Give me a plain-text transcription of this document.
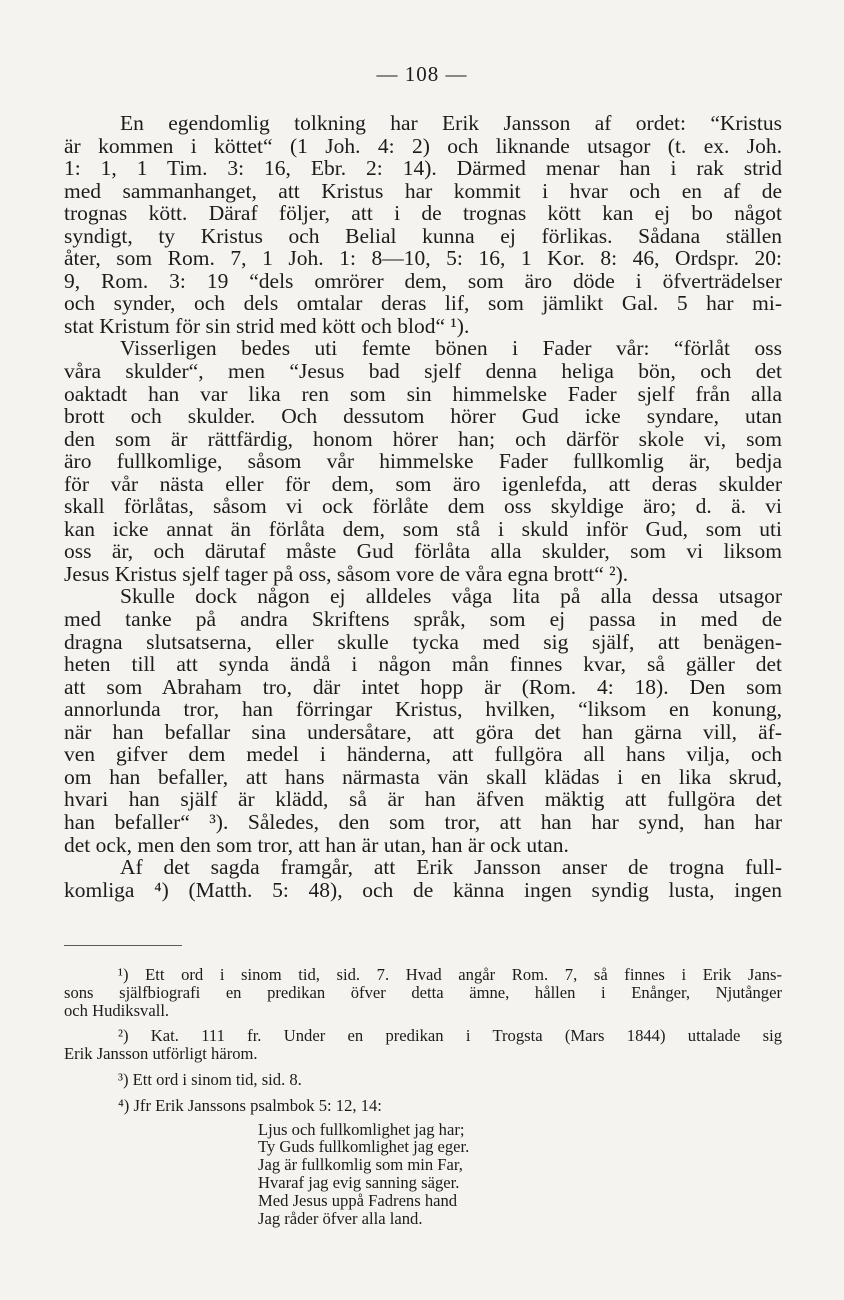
— 108 —
En egendomlig tolkning har Erik Jansson af ordet: “Kristus
är kommen i köttet“ (1 Joh. 4: 2) och liknande utsagor (t. ex. Joh.
1: 1, 1 Tim. 3: 16, Ebr. 2: 14). Därmed menar han i rak strid
med sammanhanget, att Kristus har kommit i hvar och en af de
trognas kött. Däraf följer, att i de trognas kött kan ej bo något
syndigt, ty Kristus och Belial kunna ej förlikas. Sådana ställen
åter, som Rom. 7, 1 Joh. 1: 8—10, 5: 16, 1 Kor. 8: 46, Ordspr. 20:
9, Rom. 3: 19 “dels omrörer dem, som äro döde i öfverträdelser
och synder, och dels omtalar deras lif, som jämlikt Gal. 5 har mi-
stat Kristum för sin strid med kött och blod“ ¹).
Visserligen bedes uti femte bönen i Fader vår: “förlåt oss
våra skulder“, men “Jesus bad sjelf denna heliga bön, och det
oaktadt han var lika ren som sin himmelske Fader sjelf från alla
brott och skulder. Och dessutom hörer Gud icke syndare, utan
den som är rättfärdig, honom hörer han; och därför skole vi, som
äro fullkomlige, såsom vår himmelske Fader fullkomlig är, bedja
för vår nästa eller för dem, som äro igenlefda, att deras skulder
skall förlåtas, såsom vi ock förlåte dem oss skyldige äro; d. ä. vi
kan icke annat än förlåta dem, som stå i skuld inför Gud, som uti
oss är, och därutaf måste Gud förlåta alla skulder, som vi liksom
Jesus Kristus sjelf tager på oss, såsom vore de våra egna brott“ ²).
Skulle dock någon ej alldeles våga lita på alla dessa utsagor
med tanke på andra Skriftens språk, som ej passa in med de
dragna slutsatserna, eller skulle tycka med sig själf, att benägen-
heten till att synda ändå i någon mån finnes kvar, så gäller det
att som Abraham tro, där intet hopp är (Rom. 4: 18). Den som
annorlunda tror, han förringar Kristus, hvilken, “liksom en konung,
när han befallar sina undersåtare, att göra det han gärna vill, äf-
ven gifver dem medel i händerna, att fullgöra all hans vilja, och
om han befaller, att hans närmasta vän skall klädas i en lika skrud,
hvari han själf är klädd, så är han äfven mäktig att fullgöra det
han befaller“ ³). Således, den som tror, att han har synd, han har
det ock, men den som tror, att han är utan, han är ock utan.
Af det sagda framgår, att Erik Jansson anser de trogna full-
komliga ⁴) (Matth. 5: 48), och de känna ingen syndig lusta, ingen
¹) Ett ord i sinom tid, sid. 7. Hvad angår Rom. 7, så finnes i Erik Jans-
sons själfbiografi en predikan öfver detta ämne, hållen i Enånger, Njutånger
och Hudiksvall.
²) Kat. 111 fr. Under en predikan i Trogsta (Mars 1844) uttalade sig
Erik Jansson utförligt härom.
³) Ett ord i sinom tid, sid. 8.
⁴) Jfr Erik Janssons psalmbok 5: 12, 14:
Ljus och fullkomlighet jag har;
Ty Guds fullkomlighet jag eger.
Jag är fullkomlig som min Far,
Hvaraf jag evig sanning säger.
Med Jesus uppå Fadrens hand
Jag råder öfver alla land.
